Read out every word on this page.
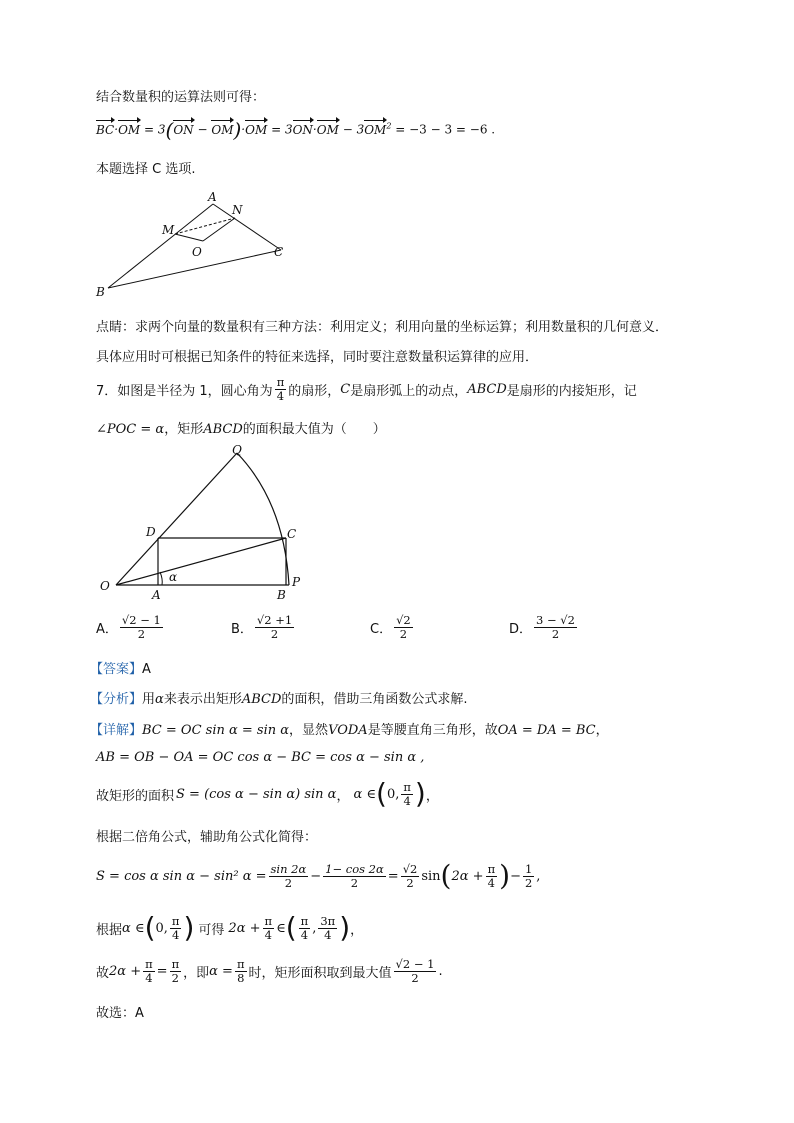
结合数量积的运算法则可得：
$BC\cdot OM = 3(ON - OM)\cdot OM = 3ON\cdot OM - 3OM^2 = -3 - 3 = -6$ .
本题选择 C 选项.
A
N
M
O	C
B
点睛：求两个向量的数量积有三种方法：利用定义；利用向量的坐标运算；利用数量积的几何意义．
具体应用时可根据已知条件的特征来选择，同时要注意数量积运算律的应用．
7．如图是半径为 1，圆心角为 $\frac{\pi}{4}$ 的扇形， C 是扇形弧上的动点， ABCD 是扇形的内接矩形，记
∠POC = α，矩形ABCD的面积最大值为（　　）
Q
D	C
O
A	B
P
α
A． $\frac{√2 - 1}{2}$	B． $\frac{√2 +1}{2}$	C． $\frac{√2}{2}$	D． $\frac{3 - √2}{2}$
【答案】A
【分析】用α来表示出矩形ABCD的面积，借助三角函数公式求解.
【详解】BC = OC sin α = sin α，显然VODA是等腰直角三角形，故OA = DA = BC，
AB = OB − OA = OC cos α − BC = cos α − sin α ,
故矩形的面积 S = (cos α − sin α) sin α ， α ∈ ( 0, $\frac{\pi}{4}$ ) ，
根据二倍角公式，辅助角公式化简得：
S = cos α sin α − sin² $\alpha = \frac{\sin 2\alpha}{2} - \frac{1- \cos 2\alpha}{2} = \frac{√2}{2}$ sin ( $2\alpha + \frac{\pi}{4}$ ) − $\frac{1}{2}$ ,
根据 α ∈ ( 0, $\frac{\pi}{4}$ ) 可得 $2\alpha + \frac{\pi}{4}$ ∈ ( $\frac{\pi}{4}$ , $\frac{3\pi}{4}$ ) ，
故 $2\alpha + \frac{\pi}{4} = \frac{\pi}{2}$ ，即 $\alpha = \frac{\pi}{8}$ 时，矩形面积取到最大值 $\frac{√2 - 1}{2}$ .
故选：A
